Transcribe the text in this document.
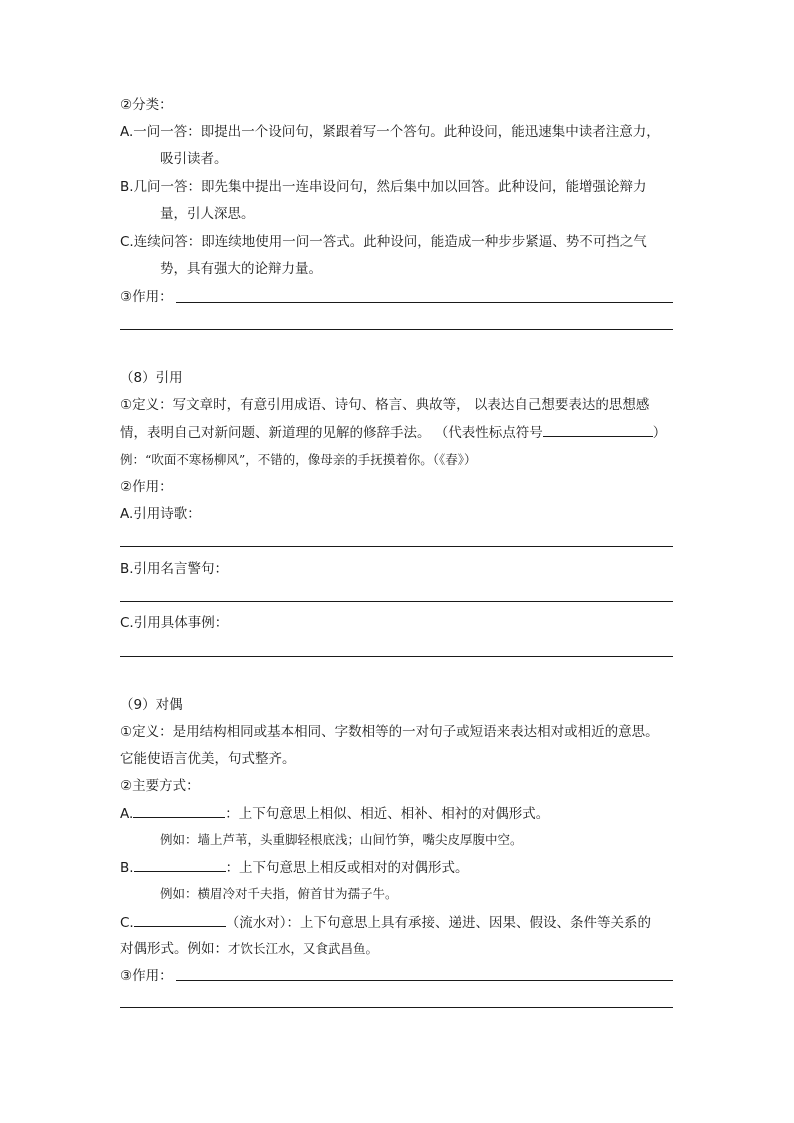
②分类：
A.一问一答：即提出一个设问句，紧跟着写一个答句。此种设问，能迅速集中读者注意力，
吸引读者。
B.几问一答：即先集中提出一连串设问句，然后集中加以回答。此种设问，能增强论辩力
量，引人深思。
C.连续问答：即连续地使用一问一答式。此种设问，能造成一种步步紧逼、势不可挡之气
势，具有强大的论辩力量。
③作用：
（8）引用
①定义：写文章时，有意引用成语、诗句、格言、典故等， 以表达自己想要表达的思想感
情，表明自己对新问题、新道理的见解的修辞手法。 （代表性标点符号	）
例：“吹面不寒杨柳风”，不错的，像母亲的手抚摸着你。（《春》）
②作用：
A.引用诗歌：
B.引用名言警句：
C.引用具体事例：
（9）对偶
①定义：是用结构相同或基本相同、字数相等的一对句子或短语来表达相对或相近的意思。
它能使语言优美，句式整齐。
②主要方式：
A.	：上下句意思上相似、相近、相补、相衬的对偶形式。
例如：墙上芦苇，头重脚轻根底浅；山间竹笋，嘴尖皮厚腹中空。
B.	：上下句意思上相反或相对的对偶形式。
例如：横眉冷对千夫指，俯首甘为孺子牛。
C.	（流水对）：上下句意思上具有承接、递进、因果、假设、条件等关系的
对偶形式。例如：才饮长江水，又食武昌鱼。
③作用：
